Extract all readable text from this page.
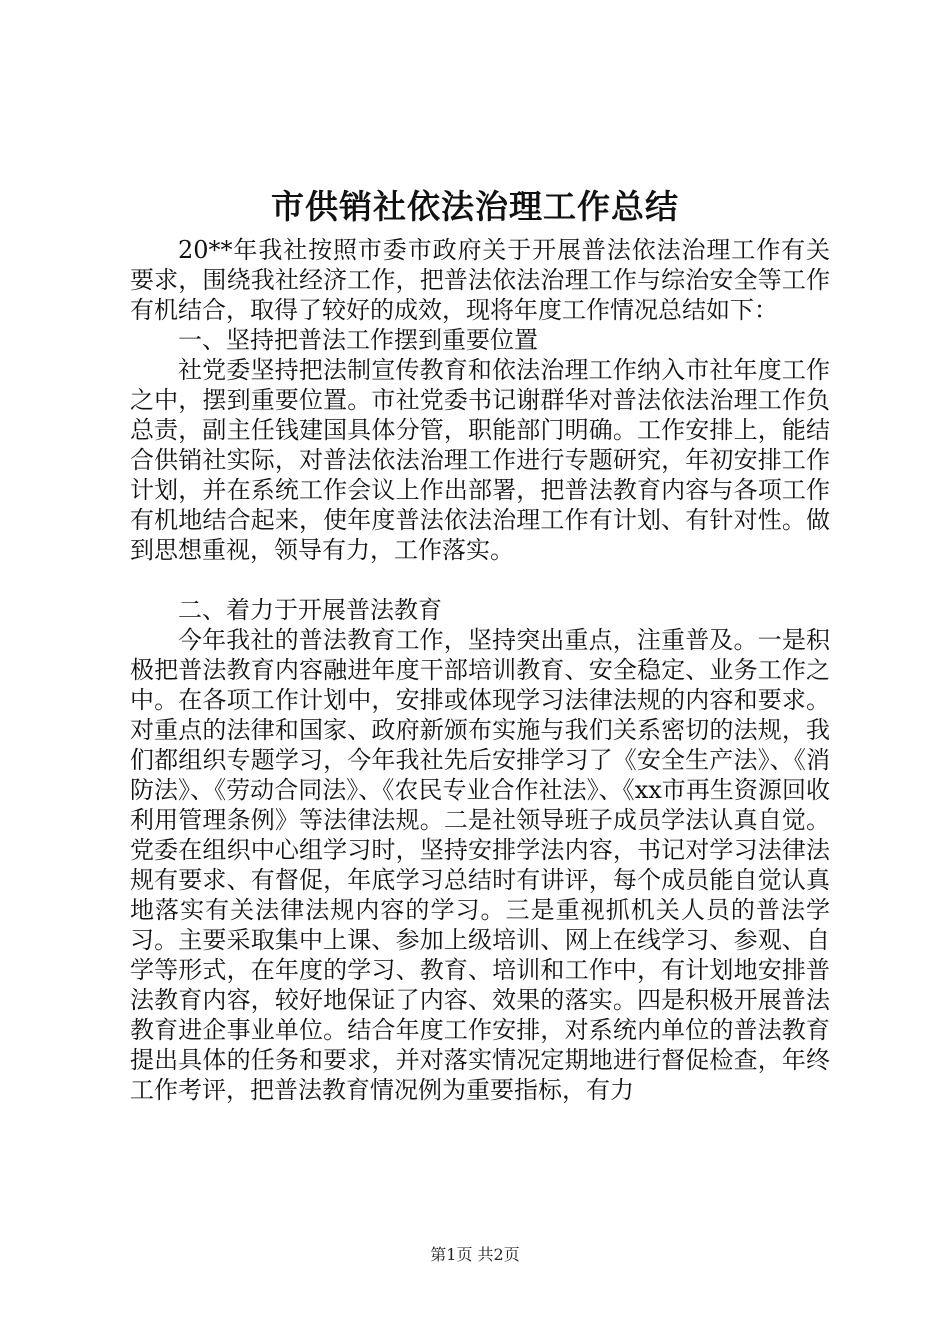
市供销社依法治理工作总结

20**年我社按照市委市政府关于开展普法依法治理工作有关要求，围绕我社经济工作，把普法依法治理工作与综治安全等工作有机结合，取得了较好的成效，现将年度工作情况总结如下：

一、坚持把普法工作摆到重要位置

社党委坚持把法制宣传教育和依法治理工作纳入市社年度工作之中，摆到重要位置。市社党委书记谢群华对普法依法治理工作负总责，副主任钱建国具体分管，职能部门明确。工作安排上，能结合供销社实际，对普法依法治理工作进行专题研究，年初安排工作计划，并在系统工作会议上作出部署，把普法教育内容与各项工作有机地结合起来，使年度普法依法治理工作有计划、有针对性。做到思想重视，领导有力，工作落实。

二、着力于开展普法教育

今年我社的普法教育工作，坚持突出重点，注重普及。一是积极把普法教育内容融进年度干部培训教育、安全稳定、业务工作之中。在各项工作计划中，安排或体现学习法律法规的内容和要求。对重点的法律和国家、政府新颁布实施与我们关系密切的法规，我们都组织专题学习，今年我社先后安排学习了《安全生产法》、《消防法》、《劳动合同法》、《农民专业合作社法》、《xx市再生资源回收利用管理条例》等法律法规。二是社领导班子成员学法认真自觉。党委在组织中心组学习时，坚持安排学法内容，书记对学习法律法规有要求、有督促，年底学习总结时有讲评，每个成员能自觉认真地落实有关法律法规内容的学习。三是重视抓机关人员的普法学习。主要采取集中上课、参加上级培训、网上在线学习、参观、自学等形式，在年度的学习、教育、培训和工作中，有计划地安排普法教育内容，较好地保证了内容、效果的落实。四是积极开展普法教育进企事业单位。结合年度工作安排，对系统内单位的普法教育提出具体的任务和要求，并对落实情况定期地进行督促检查，年终工作考评，把普法教育情况例为重要指标，有力

第1页 共2页
